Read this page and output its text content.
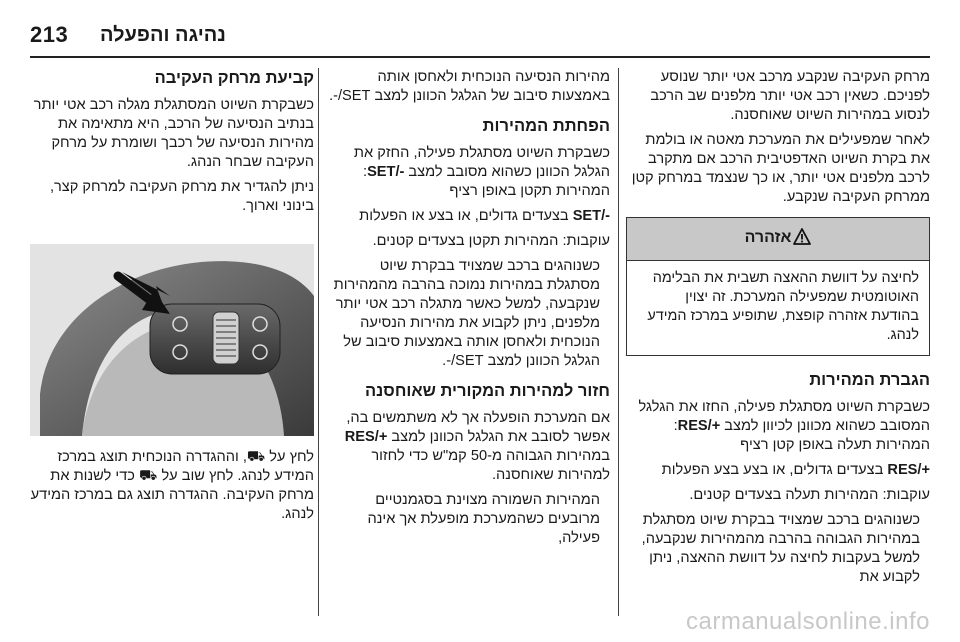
213 נהיגה והפעלה

מרחק העקיבה שנקבע מרכב אטי יותר שנוסע לפניכם. כשאין רכב אטי יותר מלפנים שב הרכב לנסוע במהירות השיוט שאוחסנה.

לאחר שמפעילים את המערכת מאטה או בולמת את בקרת השיוט האדפטיבית הרכב אם מתקרב לרכב מלפנים אטי יותר, או כך שנצמד במרחק קטן ממרחק העקיבה שנקבע.

אזהרה
לחיצה על דוושת ההאצה תשבית את הבלימה האוטומטית שמפעילה המערכת. זה יצוין בהודעת אזהרה קופצת, שתופיע במרכז המידע לנהג.
הגברת המהירות

כשבקרת השיוט מסתגלת פעילה, החזו את הגלגל המסובב כשהוא מכוונן לכיוון למצב RES/+: המהירות תעלה באופן קטן רציף

RES/+ בצעדים גדולים, או בצע בצע הפעלות

עוקבות: המהירות תעלה בצעדים קטנים.

כשנוהגים ברכב שמצויד בבקרת שיוט מסתגלת במהירות הגבוהה בהרבה מהמהירות שנקבעה, למשל בעקבות לחיצה על דוושת ההאצה, ניתן לקבוע את

מהירות הנסיעה הנוכחית ולאחסן אותה באמצעות סיבוב של הגלגל הכוונן למצב SET/-.

הפחתת המהירות

כשבקרת השיוט מסתגלת פעילה, החזק את הגלגל הכוונן כשהוא מסובב למצב SET/-: המהירות תקטן באופן רציף

SET/- בצעדים גדולים, או בצע או הפעלות

עוקבות: המהירות תקטן בצעדים קטנים.

כשנוהגים ברכב שמצויד בבקרת שיוט מסתגלת במהירות נמוכה בהרבה מהמהירות שנקבעה, למשל כאשר מתגלה רכב אטי יותר מלפנים, ניתן לקבוע את מהירות הנסיעה הנוכחית ולאחסן אותה באמצעות סיבוב של הגלגל הכוונן למצב SET/-.

חזור למהירות המקורית שאוחסנה

אם המערכת הופעלה אך לא משתמשים בה, אפשר לסובב את הגלגל הכוונן למצב RES/+ במהירות הגבוהה מ-50 קמ"ש כדי לחזור למהירות שאוחסנה.

המהירות השמורה מצוינת בסגמנטיים מרובעים כשהמערכת מופעלת אך אינה פעילה,

קביעת מרחק העקיבה

כשבקרת השיוט המסתגלת מגלה רכב אטי יותר בנתיב הנסיעה של הרכב, היא מתאימה את מהירות הנסיעה של רכבך ושומרת על מרחק העקיבה שבחר הנהג.

ניתן להגדיר את מרחק העקיבה למרחק קצר, בינוני וארוך.

לחץ על ⛟, וההגדרה הנוכחית תוצג במרכז המידע לנהג. לחץ שוב על ⛟ כדי לשנות את מרחק העקיבה. ההגדרה תוצג גם במרכז המידע לנהג.

carmanualsonline.info
